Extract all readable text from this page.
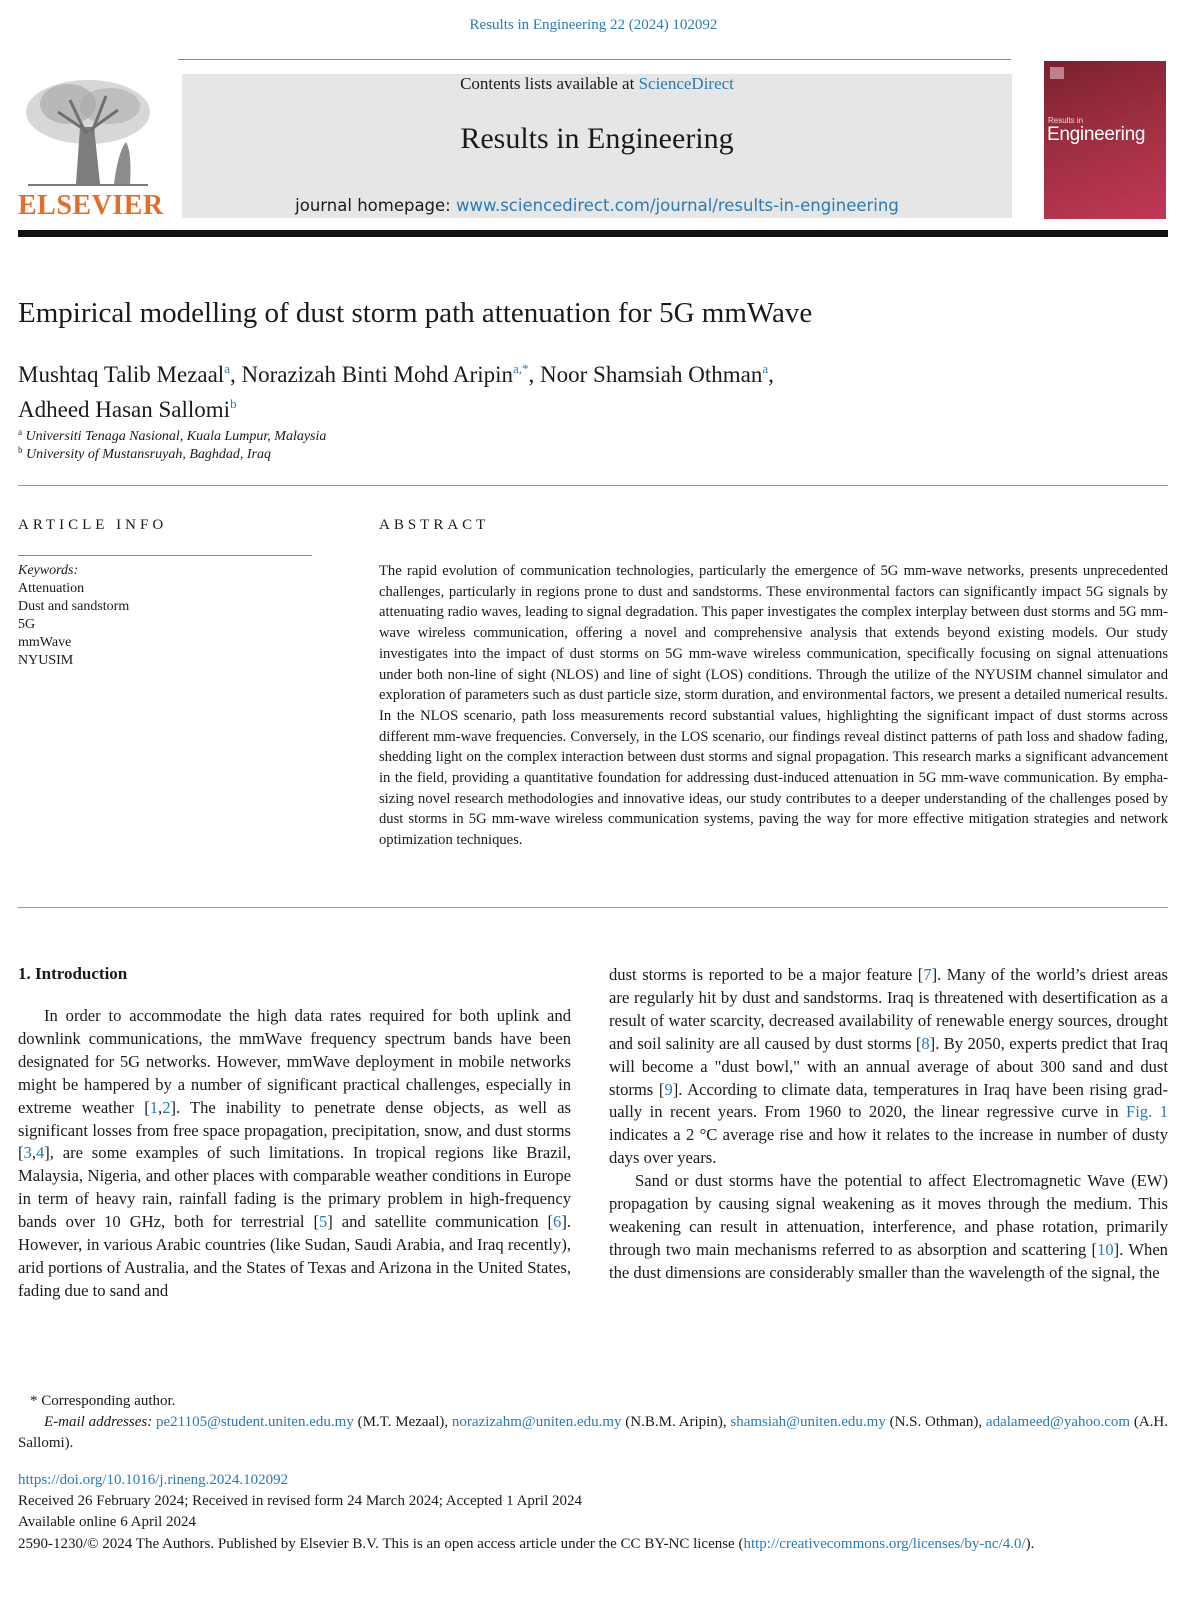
Results in Engineering 22 (2024) 102092
ELSEVIER
Contents lists available at ScienceDirect
Results in Engineering
journal homepage: www.sciencedirect.com/journal/results-in-engineering
Results in
Engineering
Empirical modelling of dust storm path attenuation for 5G mmWave
Mushtaq Talib Mezaal$^a$, Norazizah Binti Mohd Aripin$^{a,*}$, Noor Shamsiah Othman$^a$,
Adheed Hasan Sallomi$^b$
$^a$ Universiti Tenaga Nasional, Kuala Lumpur, Malaysia
$^b$ University of Mustansruyah, Baghdad, Iraq
ARTICLE INFO
Keywords:
Attenuation
Dust and sandstorm
5G
mmWave
NYUSIM
ABSTRACT
The rapid evolution of communication technologies, particularly the emergence of 5G mm-wave networks, presents unprecedented challenges, particularly in regions prone to dust and sandstorms. These environmental factors can significantly impact 5G signals by attenuating radio waves, leading to signal degradation. This paper investigates the complex interplay between dust storms and 5G mm-wave wireless communication, offering a novel and comprehensive analysis that extends beyond existing models. Our study investigates into the impact of dust storms on 5G mm-wave wireless communication, specifically focusing on signal attenuations under both non-line of sight (NLOS) and line of sight (LOS) conditions. Through the utilize of the NYUSIM channel simulator and exploration of parameters such as dust particle size, storm duration, and environmental factors, we present a detailed numerical results. In the NLOS scenario, path loss measurements record substantial values, highlighting the significant impact of dust storms across different mm-wave frequencies. Conversely, in the LOS scenario, our findings reveal distinct patterns of path loss and shadow fading, shedding light on the complex interaction between dust storms and signal propagation. This research marks a significant advancement in the field, providing a quantitative foundation for addressing dust-induced attenuation in 5G mm-wave communication. By emphasizing novel research methodologies and innovative ideas, our study contributes to a deeper understanding of the challenges posed by dust storms in 5G mm-wave wireless communication systems, paving the way for more effective mitigation strategies and network optimization techniques.
1. Introduction

In order to accommodate the high data rates required for both uplink and downlink communications, the mmWave frequency spectrum bands have been designated for 5G networks. However, mmWave deployment in mobile networks might be hampered by a number of significant practical challenges, especially in extreme weather [1,2]. The inability to penetrate dense objects, as well as significant losses from free space propagation, precipitation, snow, and dust storms [3,4], are some examples of such limitations. In tropical regions like Brazil, Malaysia, Nigeria, and other places with comparable weather conditions in Europe in term of heavy rain, rainfall fading is the primary problem in high-frequency bands over 10 GHz, both for terrestrial [5] and satellite communication [6]. However, in various Arabic countries (like Sudan, Saudi Arabia, and Iraq recently), arid portions of Australia, and the States of Texas and Arizona in the United States, fading due to sand and

dust storms is reported to be a major feature [7]. Many of the world’s driest areas are regularly hit by dust and sandstorms. Iraq is threatened with desertification as a result of water scarcity, decreased availability of renewable energy sources, drought and soil salinity are all caused by dust storms [8]. By 2050, experts predict that Iraq will become a "dust bowl," with an annual average of about 300 sand and dust storms [9]. According to climate data, temperatures in Iraq have been rising gradually in recent years. From 1960 to 2020, the linear regressive curve in Fig. 1 indicates a 2 °C average rise and how it relates to the increase in number of dusty days over years.

Sand or dust storms have the potential to affect Electromagnetic Wave (EW) propagation by causing signal weakening as it moves through the medium. This weakening can result in attenuation, interference, and phase rotation, primarily through two main mechanisms referred to as absorption and scattering [10]. When the dust dimensions are considerably smaller than the wavelength of the signal, the

* Corresponding author.
E-mail addresses: pe21105@student.uniten.edu.my (M.T. Mezaal), norazizahm@uniten.edu.my (N.B.M. Aripin), shamsiah@uniten.edu.my (N.S. Othman), adalameed@yahoo.com (A.H. Sallomi).
https://doi.org/10.1016/j.rineng.2024.102092
Received 26 February 2024; Received in revised form 24 March 2024; Accepted 1 April 2024
Available online 6 April 2024
2590-1230/© 2024 The Authors. Published by Elsevier B.V. This is an open access article under the CC BY-NC license (http://creativecommons.org/licenses/by-nc/4.0/).
